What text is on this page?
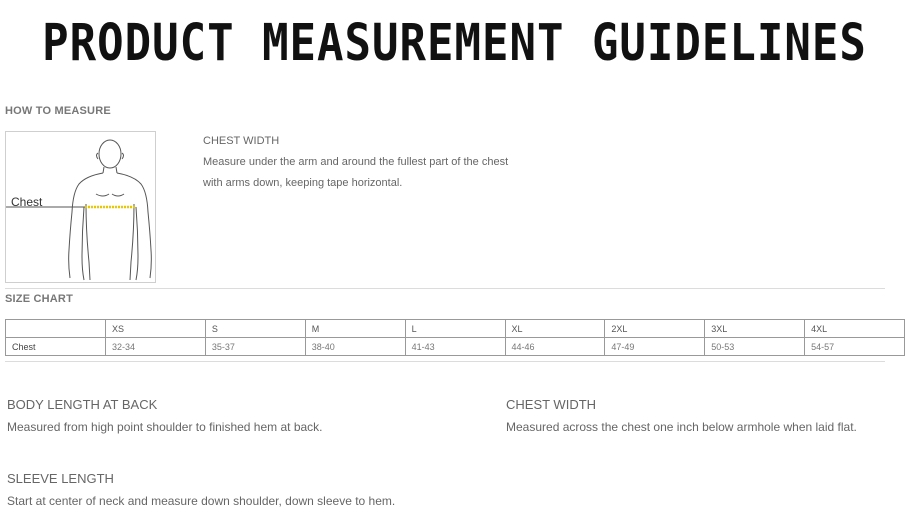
PRODUCT MEASUREMENT GUIDELINES
HOW TO MEASURE
Chest
CHEST WIDTH
Measure under the arm and around the fullest part of the chest
with arms down, keeping tape horizontal.
SIZE CHART
	XS	S	M	L	XL	2XL	3XL	4XL
Chest	32-34	35-37	38-40	41-43	44-46	47-49	50-53	54-57
BODY LENGTH AT BACK
Measured from high point shoulder to finished hem at back.
CHEST WIDTH
Measured across the chest one inch below armhole when laid flat.
SLEEVE LENGTH
Start at center of neck and measure down shoulder, down sleeve to hem.
